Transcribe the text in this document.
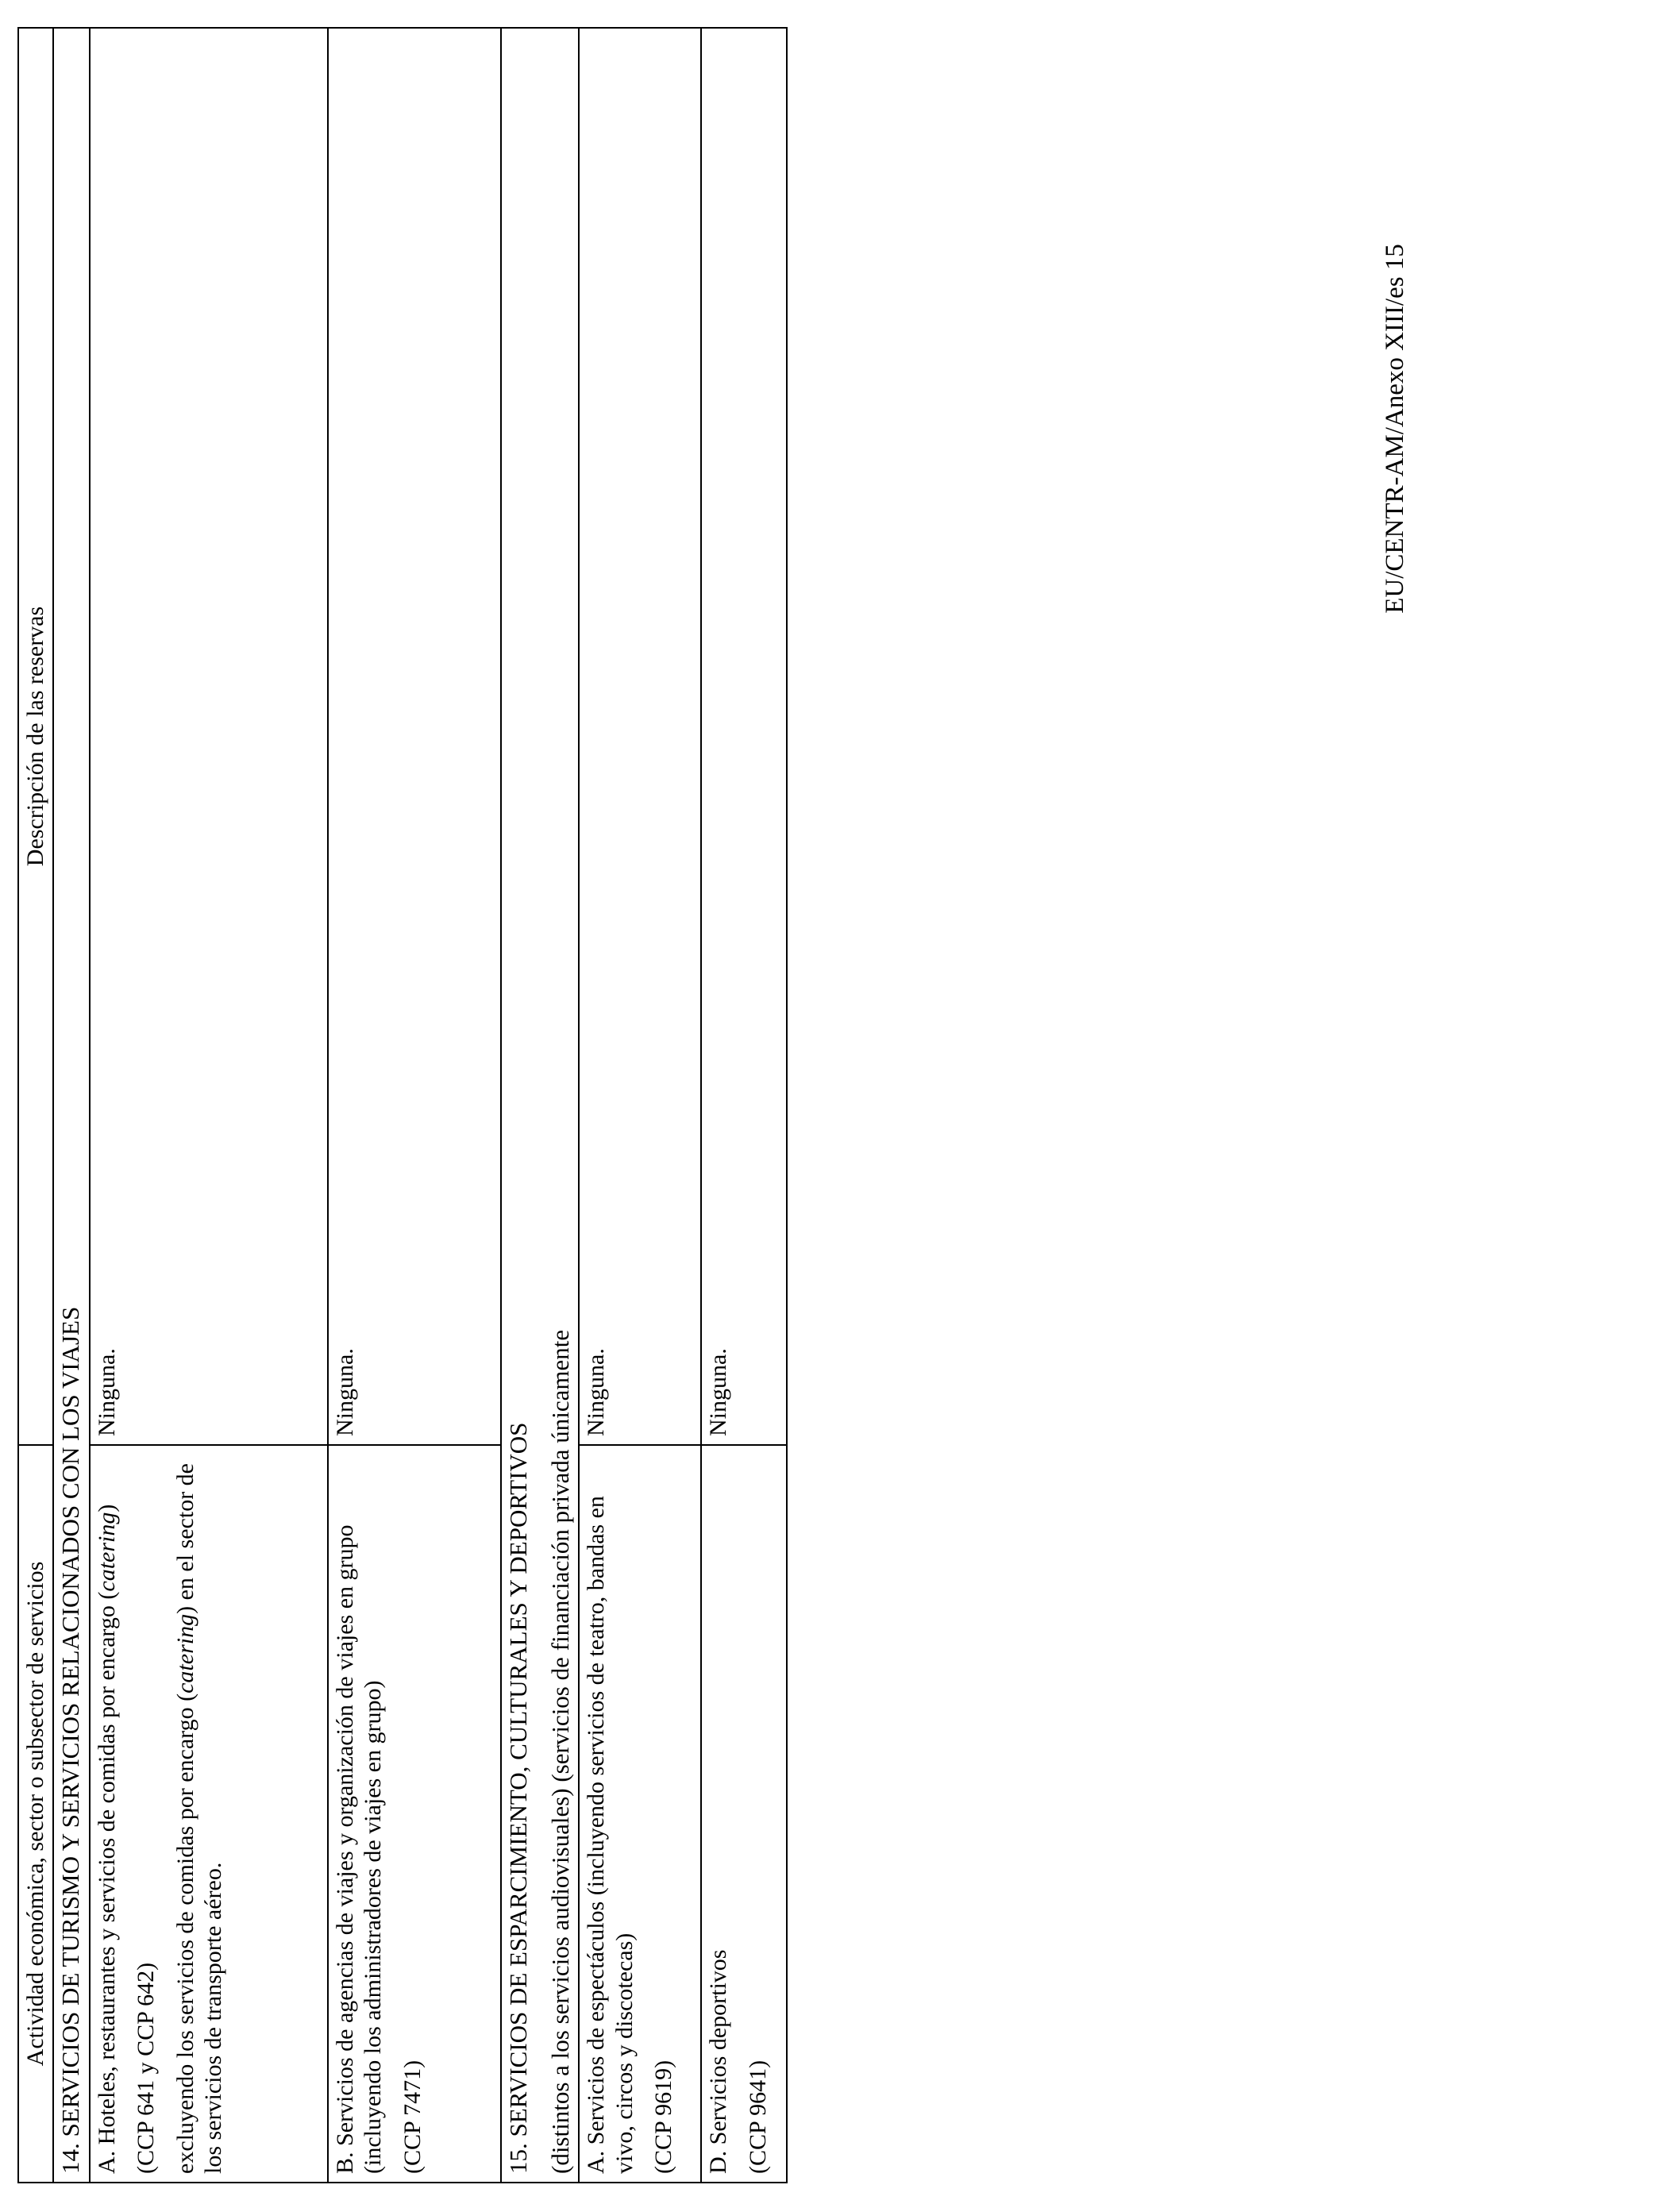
Actividad económica, sector o subsector de servicios	Descripción de las reservas
14. SERVICIOS DE TURISMO Y SERVICIOS RELACIONADOS CON LOS VIAJES	

A. Hoteles, restaurantes y servicios de comidas por encargo (catering)

(CCP 641 y CCP 642) excluyendo los servicios de comidas por encargo (catering) en el sector de los servicios de transporte aéreo.	Ninguna.

B. Servicios de agencias de viajes y organización de viajes en grupo (incluyendo los administradores de viajes en grupo) (CCP 7471)	Ninguna.
15. SERVICIOS DE ESPARCIMIENTO, CULTURALES Y DEPORTIVOS (distintos a los servicios audiovisuales) (servicios de financiación privada únicamente	

A. Servicios de espectáculos (incluyendo servicios de teatro, bandas en vivo, circos y discotecas) (CCP 9619)	Ninguna.

D. Servicios deportivos (CCP 9641)	Ninguna.
EU/CENTR-AM/Anexo XIII/es 15
